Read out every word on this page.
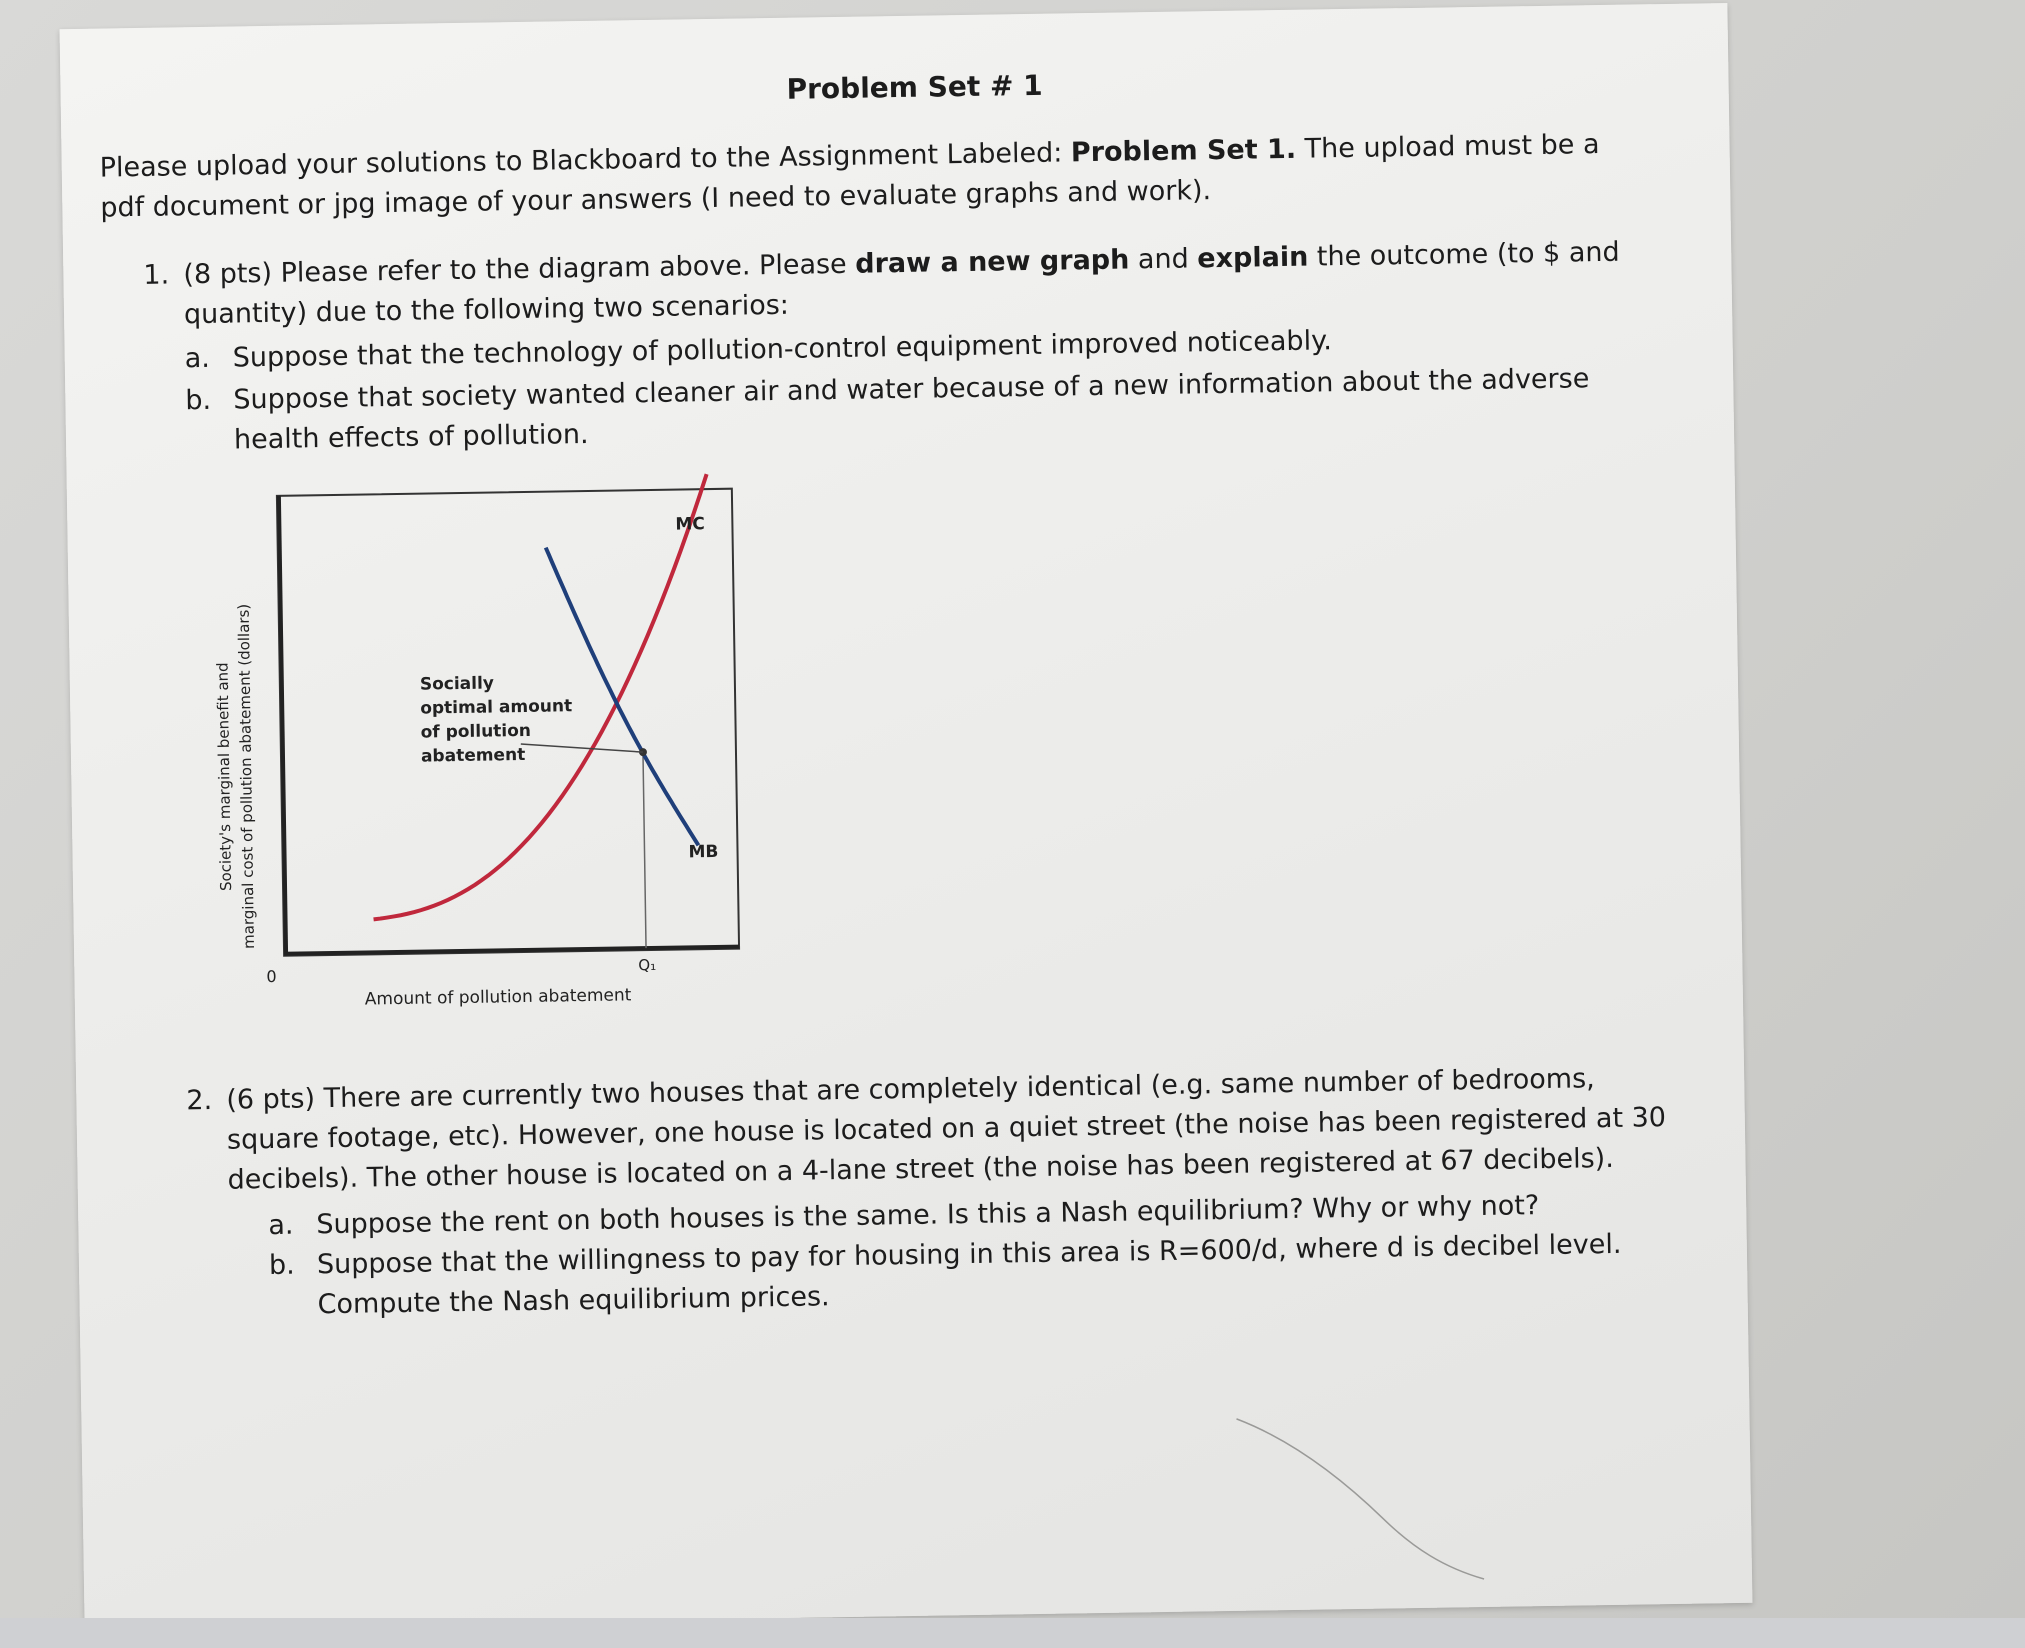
Problem Set # 1
Please upload your solutions to Blackboard to the Assignment Labeled: Problem Set 1. The upload must be a pdf document or jpg image of your answers (I need to evaluate graphs and work).
1. (8 pts) Please refer to the diagram above. Please draw a new graph and explain the outcome (to $ and quantity) due to the following two scenarios:
a. Suppose that the technology of pollution-control equipment improved noticeably.
b. Suppose that society wanted cleaner air and water because of a new information about the adverse health effects of pollution.
Society's marginal benefit and marginal cost of pollution abatement (dollars)
MC
MB
Socially
optimal amount
of pollution
abatement
0
Q₁
Amount of pollution abatement
2. (6 pts) There are currently two houses that are completely identical (e.g. same number of bedrooms, square footage, etc). However, one house is located on a quiet street (the noise has been registered at 30 decibels). The other house is located on a 4-lane street (the noise has been registered at 67 decibels).
a. Suppose the rent on both houses is the same. Is this a Nash equilibrium? Why or why not?
b. Suppose that the willingness to pay for housing in this area is R=600/d, where d is decibel level. Compute the Nash equilibrium prices.
